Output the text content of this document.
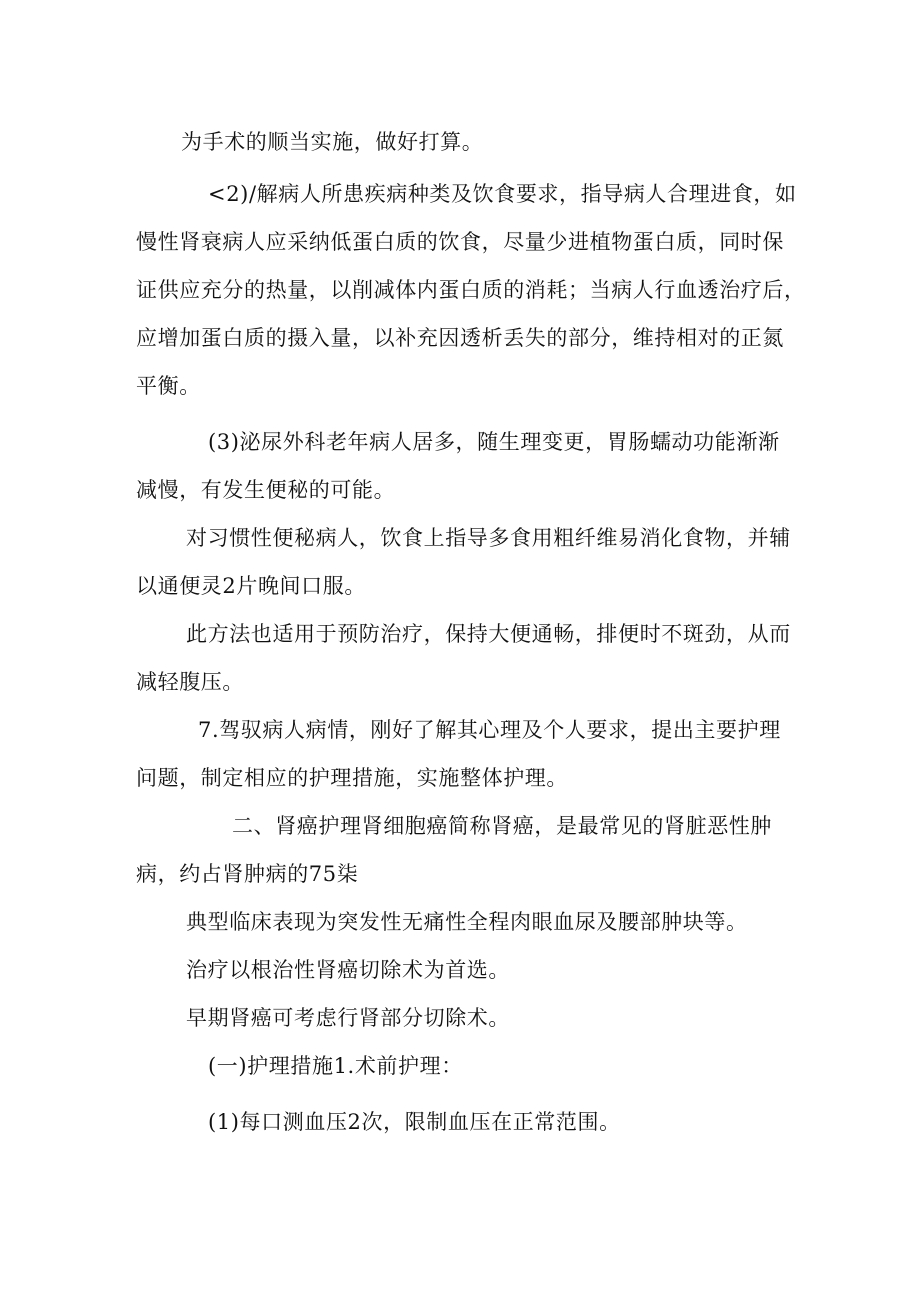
为手术的顺当实施，做好打算。
<2)/解病人所患疾病种类及饮食要求，指导病人合理进食，如
慢性肾衰病人应采纳低蛋白质的饮食，尽量少进植物蛋白质，同时保
证供应充分的热量，以削减体内蛋白质的消耗；当病人行血透治疗后，
应增加蛋白质的摄入量，以补充因透析丢失的部分，维持相对的正氮
平衡。
(3)泌尿外科老年病人居多，随生理变更，胃肠蠕动功能渐渐
减慢，有发生便秘的可能。
对习惯性便秘病人，饮食上指导多食用粗纤维易消化食物，并辅
以通便灵2片晚间口服。
此方法也适用于预防治疗，保持大便通畅，排便时不斑劲，从而
减轻腹压。
7.驾驭病人病情，刚好了解其心理及个人要求，提出主要护理
问题，制定相应的护理措施，实施整体护理。
二、肾癌护理肾细胞癌简称肾癌，是最常见的肾脏恶性肿
病，约占肾肿病的75柒
典型临床表现为突发性无痛性全程肉眼血尿及腰部肿块等。
治疗以根治性肾癌切除术为首选。
早期肾癌可考虑行肾部分切除术。
(一)护理措施1.术前护理：
(1)每口测血压2次，限制血压在正常范围。
